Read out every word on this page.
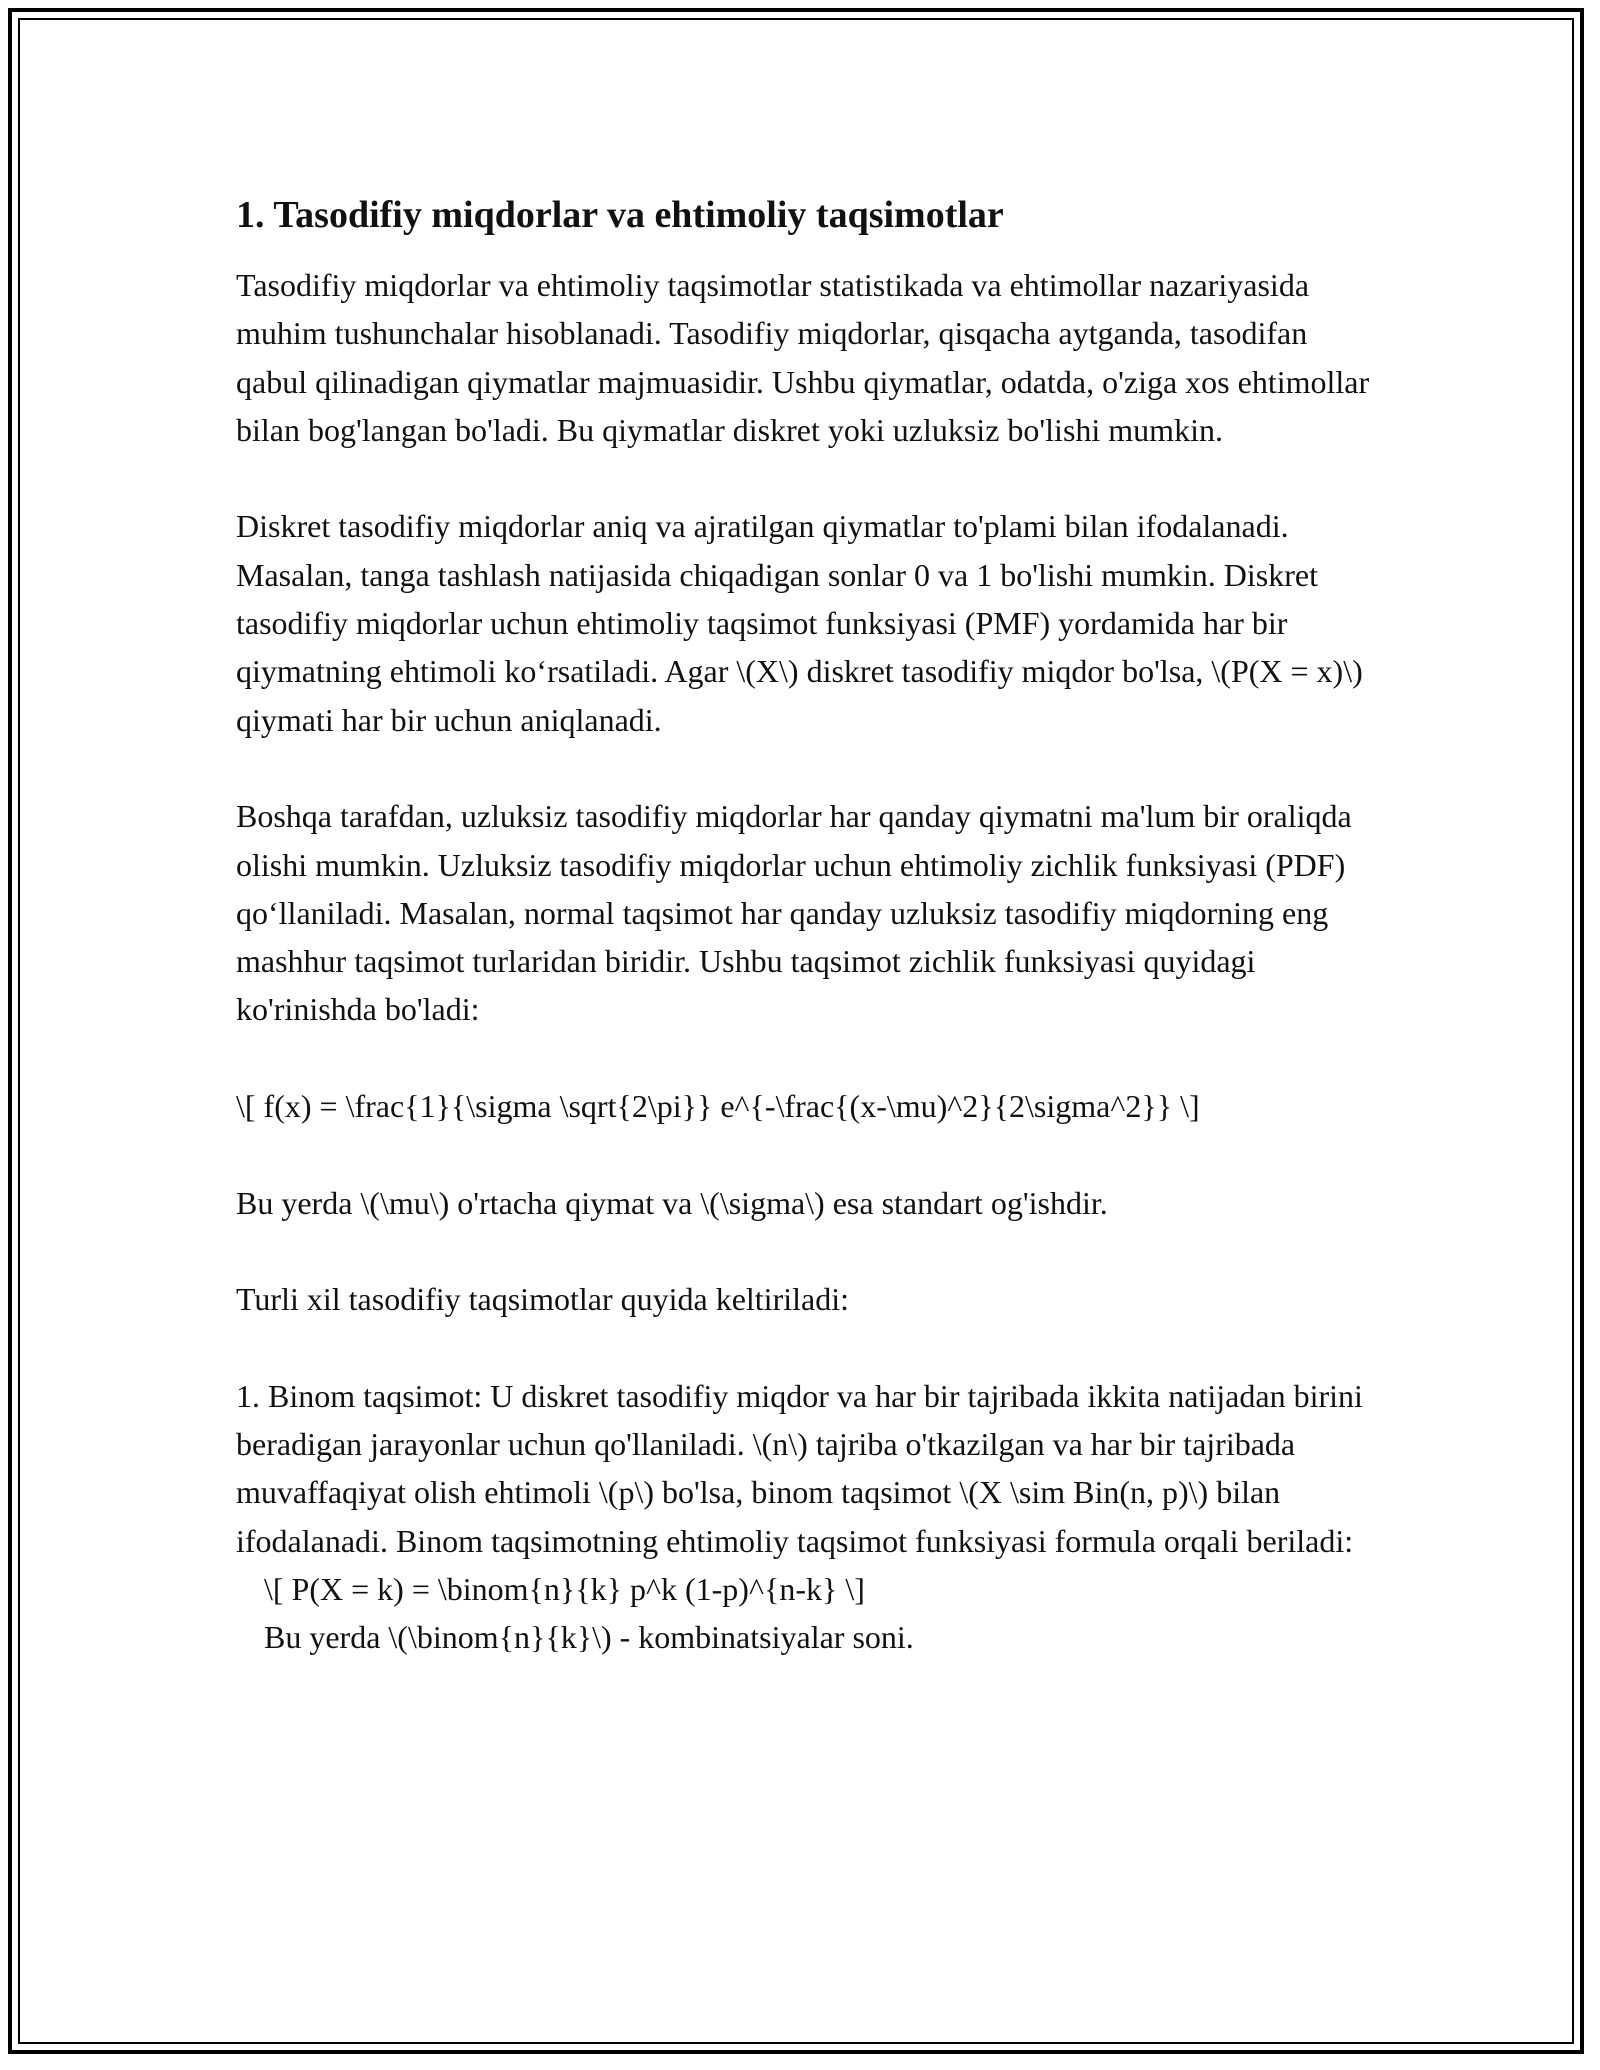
1. Tasodifiy miqdorlar va ehtimoliy taqsimotlar
Tasodifiy miqdorlar va ehtimoliy taqsimotlar statistikada va ehtimollar nazariyasida muhim tushunchalar hisoblanadi. Tasodifiy miqdorlar, qisqacha aytganda, tasodifan qabul qilinadigan qiymatlar majmuasidir. Ushbu qiymatlar, odatda, o'ziga xos ehtimollar bilan bog'langan bo'ladi. Bu qiymatlar diskret yoki uzluksiz bo'lishi mumkin.
Diskret tasodifiy miqdorlar aniq va ajratilgan qiymatlar to'plami bilan ifodalanadi. Masalan, tanga tashlash natijasida chiqadigan sonlar 0 va 1 bo'lishi mumkin. Diskret tasodifiy miqdorlar uchun ehtimoliy taqsimot funksiyasi (PMF) yordamida har bir qiymatning ehtimoli ko‘rsatiladi. Agar \(X\) diskret tasodifiy miqdor bo'lsa, \(P(X = x)\) qiymati har bir uchun aniqlanadi.
Boshqa tarafdan, uzluksiz tasodifiy miqdorlar har qanday qiymatni ma'lum bir oraliqda olishi mumkin. Uzluksiz tasodifiy miqdorlar uchun ehtimoliy zichlik funksiyasi (PDF) qo‘llaniladi. Masalan, normal taqsimot har qanday uzluksiz tasodifiy miqdorning eng mashhur taqsimot turlaridan biridir. Ushbu taqsimot zichlik funksiyasi quyidagi ko'rinishda bo'ladi:
\[ f(x) = \frac{1}{\sigma \sqrt{2\pi}} e^{-\frac{(x-\mu)^2}{2\sigma^2}} \]
Bu yerda \(\mu\) o'rtacha qiymat va \(\sigma\) esa standart og'ishdir.
Turli xil tasodifiy taqsimotlar quyida keltiriladi:
1. Binom taqsimot: U diskret tasodifiy miqdor va har bir tajribada ikkita natijadan birini beradigan jarayonlar uchun qo'llaniladi. \(n\) tajriba o'tkazilgan va har bir tajribada muvaffaqiyat olish ehtimoli \(p\) bo'lsa, binom taqsimot \(X \sim Bin(n, p)\) bilan ifodalanadi. Binom taqsimotning ehtimoliy taqsimot funksiyasi formula orqali beriladi:
\[ P(X = k) = \binom{n}{k} p^k (1-p)^{n-k} \]
Bu yerda \(\binom{n}{k}\) - kombinatsiyalar soni.
